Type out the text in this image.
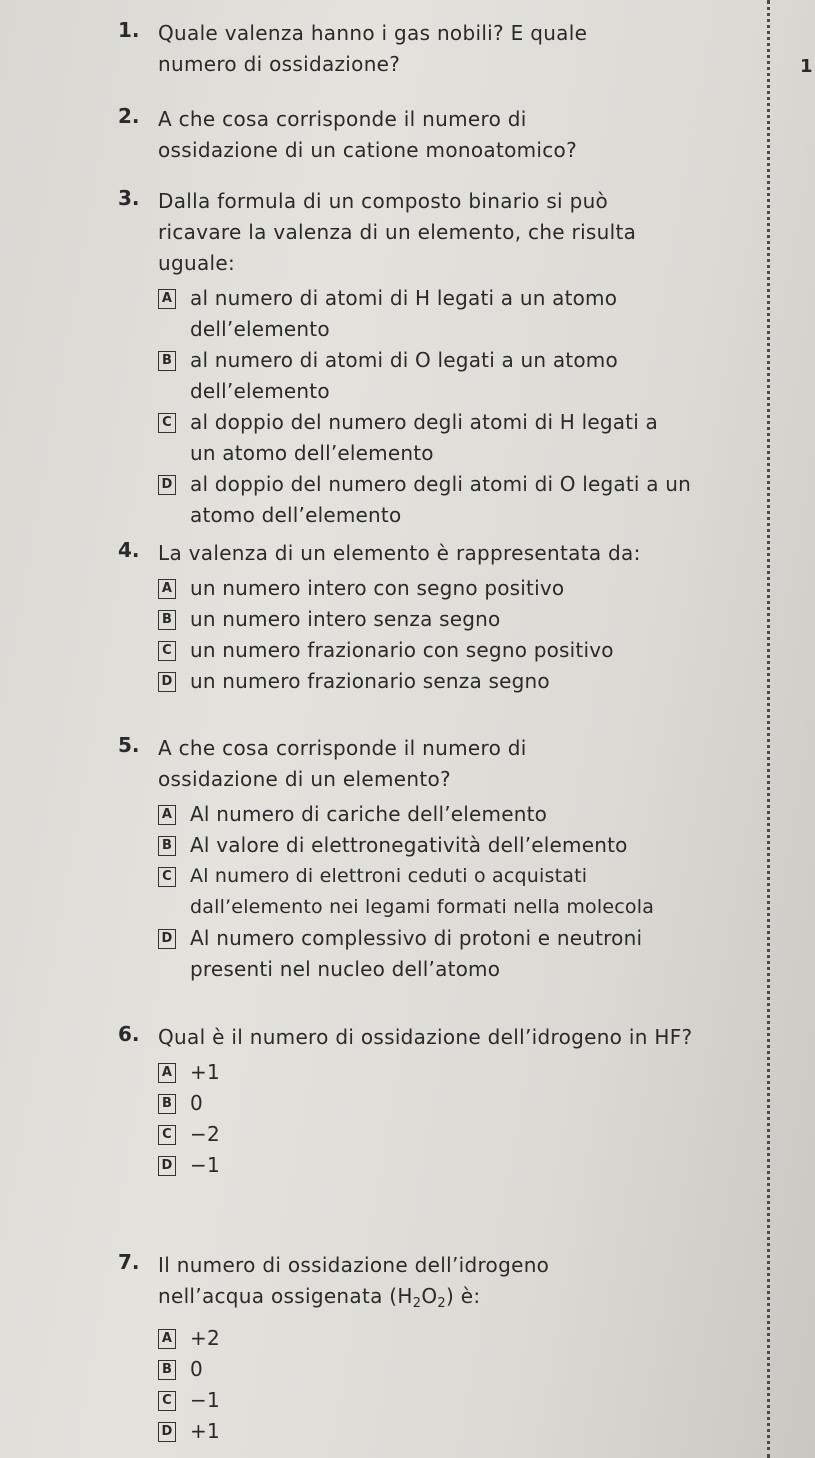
1
1. Quale valenza hanno i gas nobili? E quale numero di ossidazione?
2. A che cosa corrisponde il numero di ossidazione di un catione monoatomico?
3. Dalla formula di un composto binario si può ricavare la valenza di un elemento, che risulta uguale:
A al numero di atomi di H legati a un atomo dell’elemento
B al numero di atomi di O legati a un atomo dell’elemento
C al doppio del numero degli atomi di H legati a un atomo dell’elemento
D al doppio del numero degli atomi di O legati a un atomo dell’elemento
4. La valenza di un elemento è rappresentata da:
A un numero intero con segno positivo
B un numero intero senza segno
C un numero frazionario con segno positivo
D un numero frazionario senza segno
5. A che cosa corrisponde il numero di ossidazione di un elemento?
A Al numero di cariche dell’elemento
B Al valore di elettronegatività dell’elemento
C Al numero di elettroni ceduti o acquistati dall’elemento nei legami formati nella molecola
D Al numero complessivo di protoni e neutroni presenti nel nucleo dell’atomo
6. Qual è il numero di ossidazione dell’idrogeno in HF?
A +1
B 0
C −2
D −1
7. Il numero di ossidazione dell’idrogeno nell’acqua ossigenata $(H_2O_2)$ è:
A +2
B 0
C −1
D +1
